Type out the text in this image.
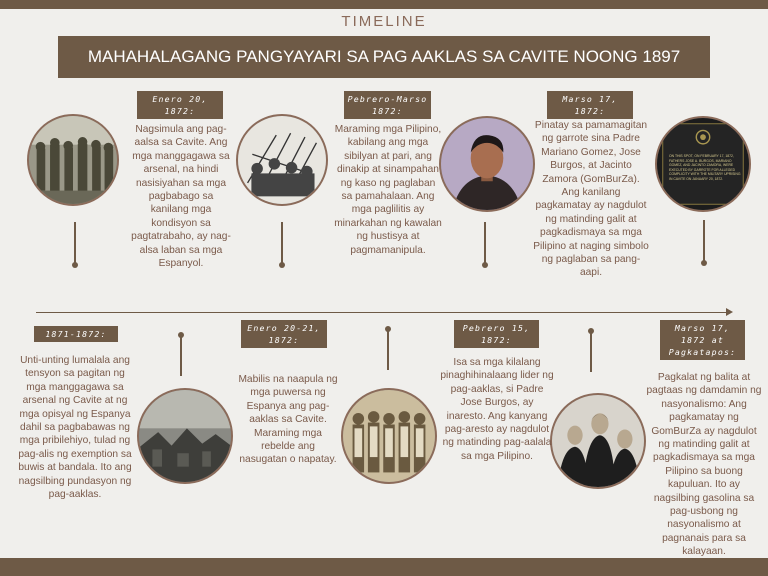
TIMELINE
MAHAHALAGANG PANGYAYARI SA PAG AAKLAS SA CAVITE NOONG 1897
ON THIS SPOT, ON FEBRUARY 17, 1872, FATHERS JOSE A. BURGOS, MARIANO GOMEZ, AND JACINTO ZAMORA, WERE EXECUTED BY GARROTE FOR ALLEGED COMPLICITY WITH THE MILITARY UPRISING IN CAVITE ON JANUARY 20, 1872.
Enero 20, 1872:
Nagsimula ang pag-aalsa sa Cavite. Ang mga manggagawa sa arsenal, na hindi nasisiyahan sa mga pagbabago sa kanilang mga kondisyon sa pagtatrabaho, ay nag-alsa laban sa mga Espanyol.
Pebrero-Marso 1872:
Maraming mga Pilipino, kabilang ang mga sibilyan at pari, ang dinakip at sinampahan ng kaso ng paglaban sa pamahalaan. Ang mga paglilitis ay minarkahan ng kawalan ng hustisya at pagmamanipula.
Marso 17, 1872:
Pinatay sa pamamagitan ng garrote sina Padre Mariano Gomez, Jose Burgos, at Jacinto Zamora (GomBurZa). Ang kanilang pagkamatay ay nagdulot ng matinding galit at pagkadismaya sa mga Pilipino at naging simbolo ng paglaban sa pang-aapi.
1871-1872:
Unti-unting lumalala ang tensyon sa pagitan ng mga manggagawa sa arsenal ng Cavite at ng mga opisyal ng Espanya dahil sa pagbabawas ng mga pribilehiyo, tulad ng pag-alis ng exemption sa buwis at bandala. Ito ang nagsilbing pundasyon ng pag-aaklas.
Enero 20-21, 1872:
Mabilis na naapula ng mga puwersa ng Espanya ang pag-aaklas sa Cavite. Maraming mga rebelde ang nasugatan o napatay.
Pebrero 15, 1872:
Isa sa mga kilalang pinaghihinalaang lider ng pag-aaklas, si Padre Jose Burgos, ay inaresto. Ang kanyang pag-aresto ay nagdulot ng matinding pag-aalala sa mga Pilipino.
Marso 17, 1872 at Pagkatapos:
Pagkalat ng balita at pagtaas ng damdamin ng nasyonalismo: Ang pagkamatay ng GomBurZa ay nagdulot ng matinding galit at pagkadismaya sa mga Pilipino sa buong kapuluan. Ito ay nagsilbing gasolina sa pag-usbong ng nasyonalismo at pagnanais para sa kalayaan.
